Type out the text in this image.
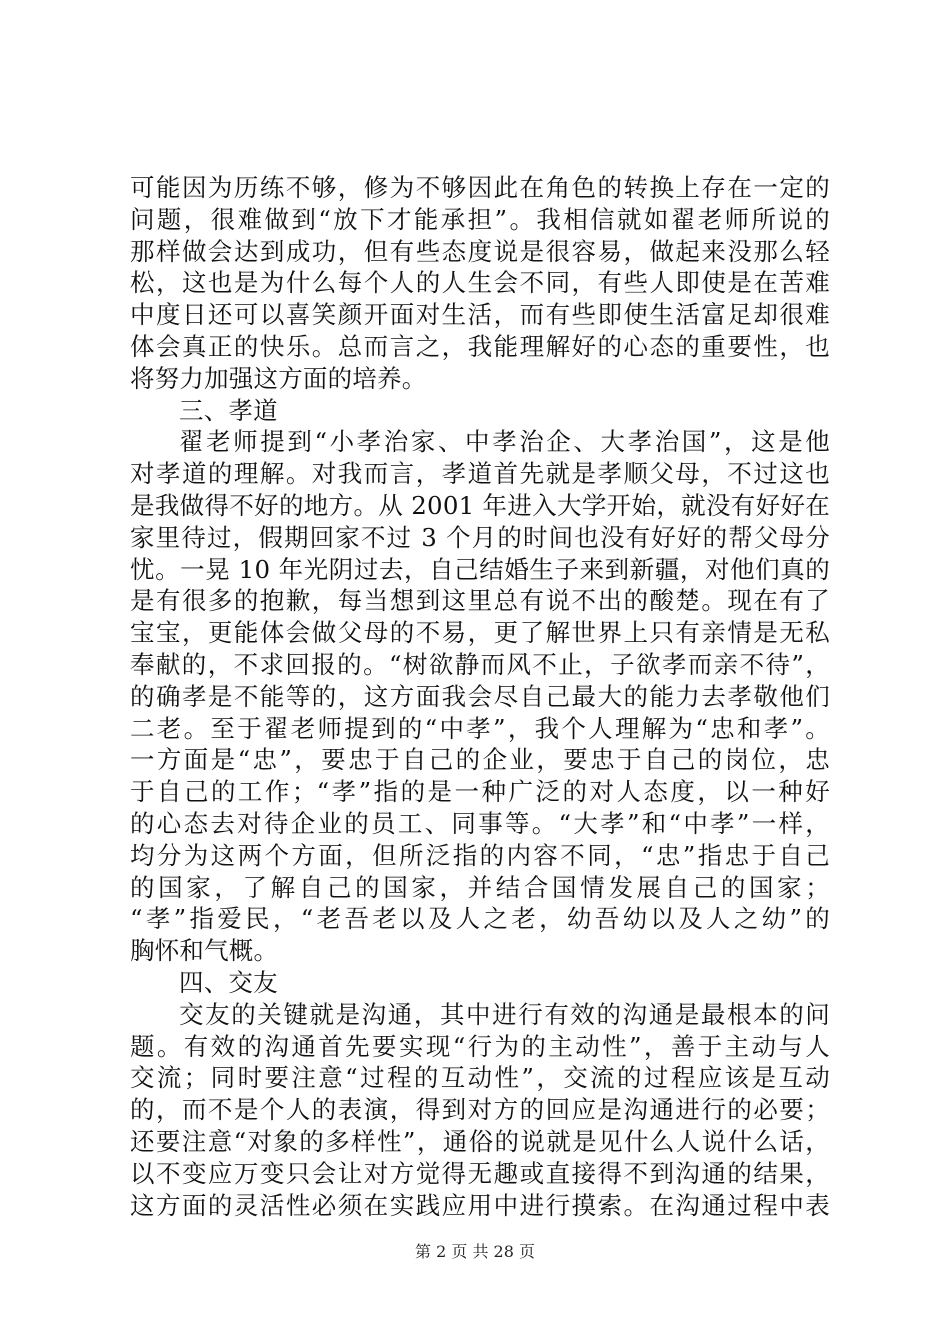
可能因为历练不够，修为不够因此在角色的转换上存在一定的
问题，很难做到“放下才能承担”。我相信就如翟老师所说的
那样做会达到成功，但有些态度说是很容易，做起来没那么轻
松，这也是为什么每个人的人生会不同，有些人即使是在苦难
中度日还可以喜笑颜开面对生活，而有些即使生活富足却很难
体会真正的快乐。总而言之，我能理解好的心态的重要性，也
将努力加强这方面的培养。
三、孝道
翟老师提到“小孝治家、中孝治企、大孝治国”，这是他
对孝道的理解。对我而言，孝道首先就是孝顺父母，不过这也
是我做得不好的地方。从 2001 年进入大学开始，就没有好好在
家里待过，假期回家不过 3 个月的时间也没有好好的帮父母分
忧。一晃 10 年光阴过去，自己结婚生子来到新疆，对他们真的
是有很多的抱歉，每当想到这里总有说不出的酸楚。现在有了
宝宝，更能体会做父母的不易，更了解世界上只有亲情是无私
奉献的，不求回报的。“树欲静而风不止，子欲孝而亲不待”，
的确孝是不能等的，这方面我会尽自己最大的能力去孝敬他们
二老。至于翟老师提到的“中孝”，我个人理解为“忠和孝”。
一方面是“忠”，要忠于自己的企业，要忠于自己的岗位，忠
于自己的工作；“孝”指的是一种广泛的对人态度，以一种好
的心态去对待企业的员工、同事等。“大孝”和“中孝”一样，
均分为这两个方面，但所泛指的内容不同，“忠”指忠于自己
的国家，了解自己的国家，并结合国情发展自己的国家；
“孝”指爱民，“老吾老以及人之老，幼吾幼以及人之幼”的
胸怀和气概。
四、交友
交友的关键就是沟通，其中进行有效的沟通是最根本的问
题。有效的沟通首先要实现“行为的主动性”，善于主动与人
交流；同时要注意“过程的互动性”，交流的过程应该是互动
的，而不是个人的表演，得到对方的回应是沟通进行的必要；
还要注意“对象的多样性”，通俗的说就是见什么人说什么话，
以不变应万变只会让对方觉得无趣或直接得不到沟通的结果，
这方面的灵活性必须在实践应用中进行摸索。在沟通过程中表
第 2 页 共 28 页
